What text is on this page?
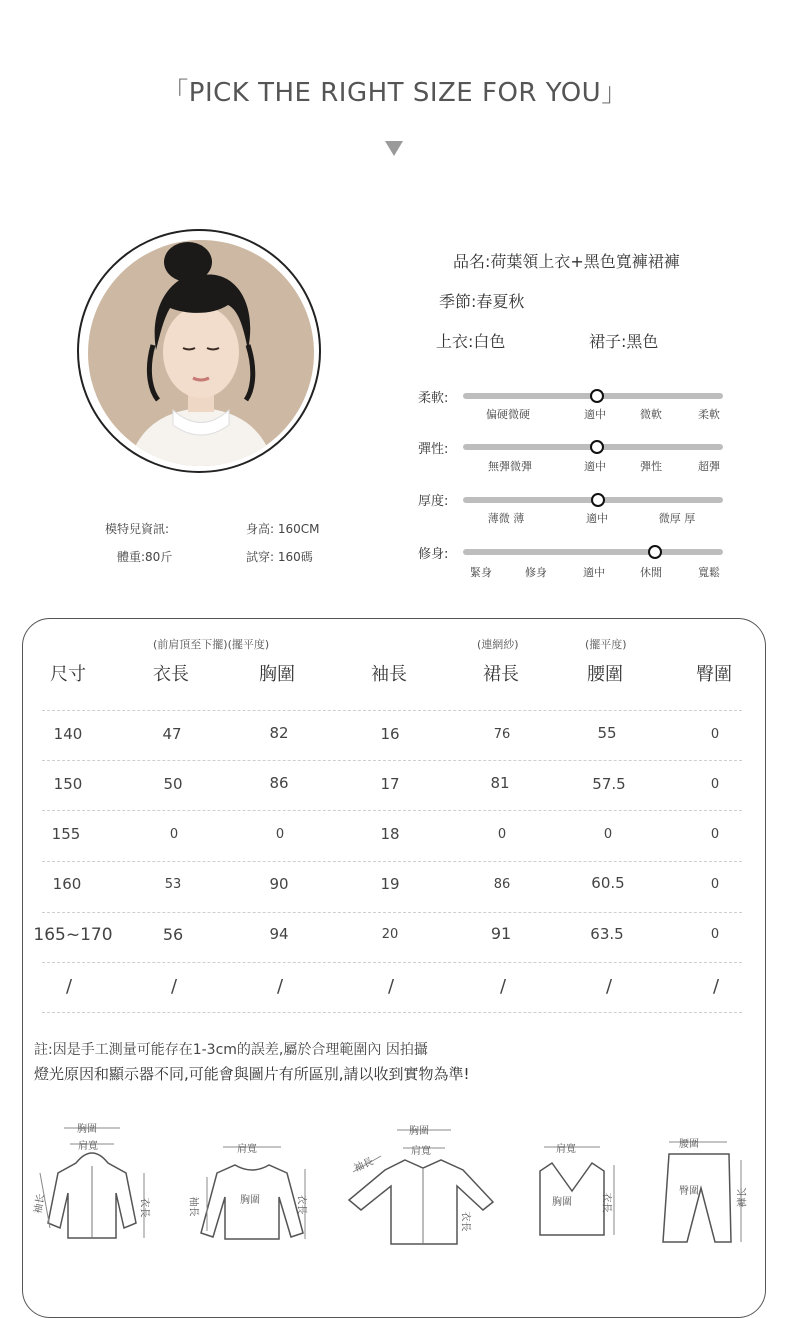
「PICK THE RIGHT SIZE FOR YOU」
模特兒資訊:	身高: 160CM
體重:80斤	試穿: 160碼
品名:荷葉領上衣+黑色寬褲裙褲
季節:春夏秋
上衣:白色	裙子:黑色
柔軟:
偏硬微硬	適中	微軟	柔軟
彈性:
無彈微彈	適中	彈性	超彈
厚度:
薄微 薄	適中	微厚 厚
修身:
緊身	修身	適中	休閒	寬鬆
(前肩頂至下擺)(擺平度)	(連網紗)	(擺平度)
尺寸	衣長	胸圍	袖長	裙長	腰圍	臀圍
140	47	82	16	76	55	0
150	50	86	17	81	57.5	0
155	0	0	18	0	0	0
160	53	90	19	86	60.5	0
165~170	56	94	20	91	63.5	0
/	/	/	/	/	/	/
註:因是手工測量可能存在1-3cm的誤差,屬於合理範圍內 因拍攝
燈光原因和顯示器不同,可能會與圖片有所區別,請以收到實物為準!
胸圍
肩寬
袖长	衣長
肩寬
胸圍
袖長	衣長
胸圍
肩寬
袖長
衣長
肩寬
胸圍	衣長
腰圍
臀圍	褲长
